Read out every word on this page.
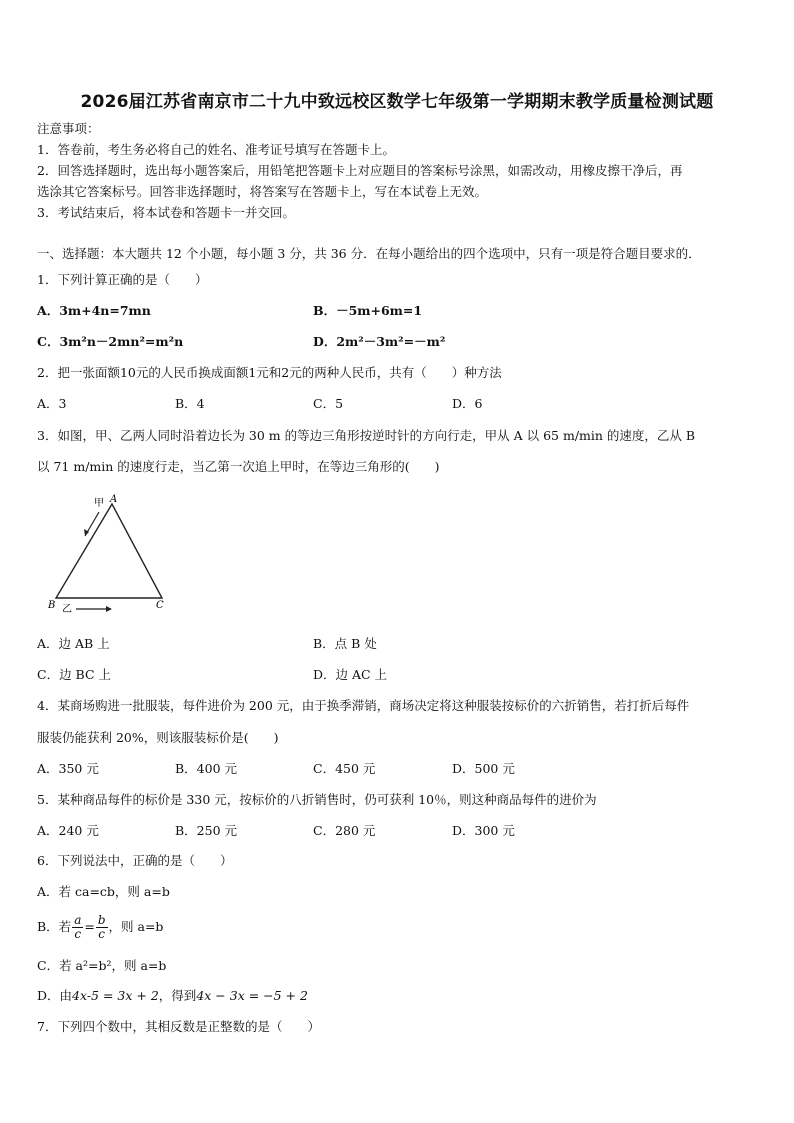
2026届江苏省南京市二十九中致远校区数学七年级第一学期期末教学质量检测试题
注意事项：
1．答卷前，考生务必将自己的姓名、准考证号填写在答题卡上。
2．回答选择题时，选出每小题答案后，用铅笔把答题卡上对应题目的答案标号涂黑，如需改动，用橡皮擦干净后，再
选涂其它答案标号。回答非选择题时，将答案写在答题卡上，写在本试卷上无效。
3．考试结束后，将本试卷和答题卡一并交回。
一、选择题：本大题共 12 个小题，每小题 3 分，共 36 分．在每小题给出的四个选项中，只有一项是符合题目要求的．
1．下列计算正确的是（　　）
A．3m+4n=7mn	B．－5m+6m=1
C．3m²n－2mn²=m²n	D．2m²－3m²=－m²
2．把一张面额10元的人民币换成面额1元和2元的两种人民币，共有（　　）种方法
A．3	B．4	C．5	D．6
3．如图，甲、乙两人同时沿着边长为 30 m 的等边三角形按逆时针的方向行走，甲从 A 以 65 m/min 的速度，乙从 B
以 71 m/min 的速度行走，当乙第一次追上甲时，在等边三角形的(　　)
甲 A
B	C
乙
A．边 AB 上	B．点 B 处
C．边 BC 上	D．边 AC 上
4．某商场购进一批服装，每件进价为 200 元，由于换季滞销，商场决定将这种服装按标价的六折销售，若打折后每件
服装仍能获利 20%，则该服装标价是(　　)
A．350 元	B．400 元	C．450 元	D．500 元
5．某种商品每件的标价是 330 元，按标价的八折销售时，仍可获利 10％，则这种商品每件的进价为
A．240 元	B．250 元	C．280 元	D．300 元
6．下列说法中，正确的是（　　）
A．若 ca=cb，则 a=b
B．若 $\frac{a}{c} = \frac{b}{c}$ ，则 a=b
C．若 a²=b²，则 a=b
D．由4x-5 = 3x + 2，得到4x − 3x = −5 + 2
7．下列四个数中，其相反数是正整数的是（　　）
